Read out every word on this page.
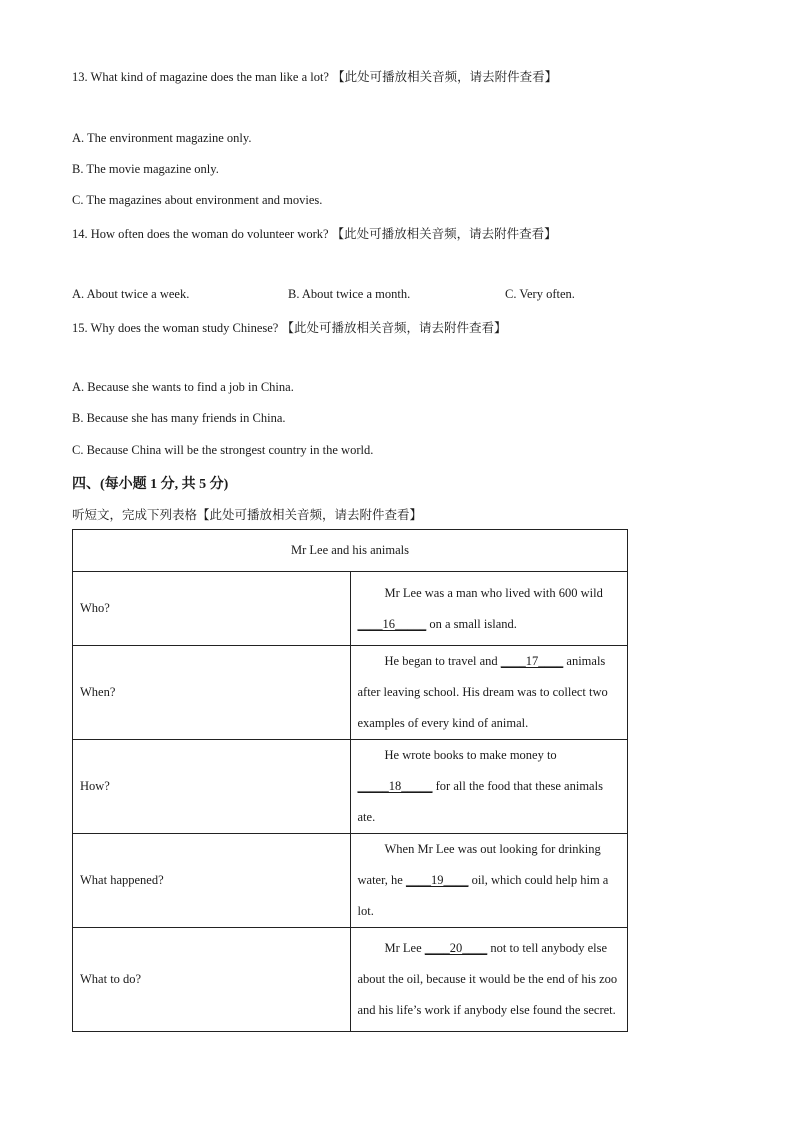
13. What kind of magazine does the man like a lot? 【此处可播放相关音频，请去附件查看】
A. The environment magazine only.
B. The movie magazine only.
C. The magazines about environment and movies.
14. How often does the woman do volunteer work? 【此处可播放相关音频，请去附件查看】
A. About twice a week.	B. About twice a month.	C. Very often.
15. Why does the woman study Chinese? 【此处可播放相关音频，请去附件查看】
A. Because she wants to find a job in China.
B. Because she has many friends in China.
C. Because China will be the strongest country in the world.
四、(每小题 1 分, 共 5 分)
听短文，完成下列表格【此处可播放相关音频，请去附件查看】
Mr Lee and his animals	
Who?	Mr Lee was a man who lived with 600 wild ____16_____ on a small island.
When?	He began to travel and ____17____ animals after leaving school. His dream was to collect two examples of every kind of animal.
How?	He wrote books to make money to _____18_____ for all the food that these animals ate.
What happened?	When Mr Lee was out looking for drinking water, he ____19____ oil, which could help him a lot.
What to do?	Mr Lee ____20____ not to tell anybody else about the oil, because it would be the end of his zoo and his life’s work if anybody else found the secret.
